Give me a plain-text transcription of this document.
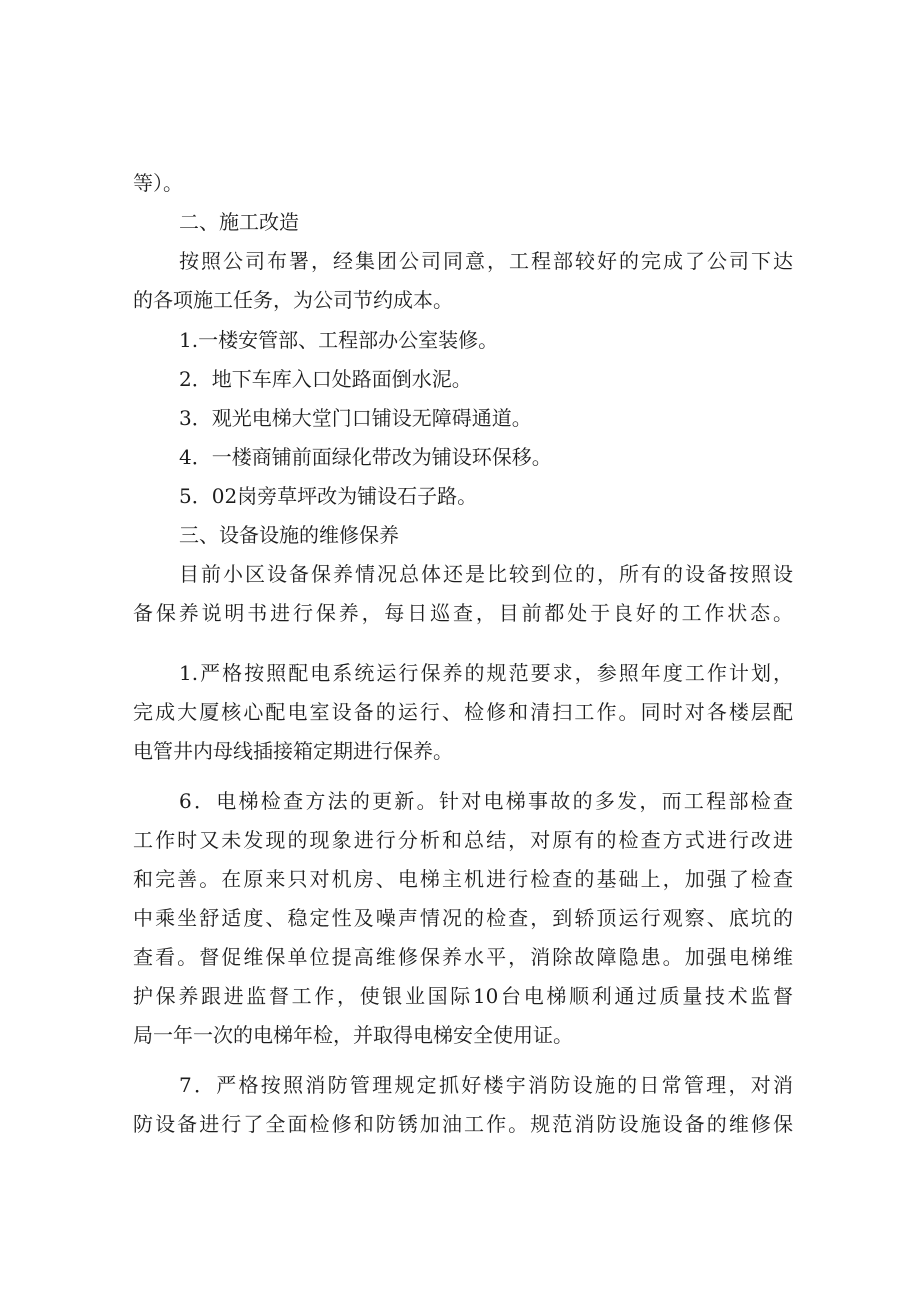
等）。

二、施工改造

按照公司布署，经集团公司同意，工程部较好的完成了公司下达

的各项施工任务，为公司节约成本。

1.一楼安管部、工程部办公室装修。

2．地下车库入口处路面倒水泥。

3．观光电梯大堂门口铺设无障碍通道。

4．一楼商铺前面绿化带改为铺设环保移。

5．02岗旁草坪改为铺设石子路。

三、设备设施的维修保养

目前小区设备保养情况总体还是比较到位的，所有的设备按照设

备保养说明书进行保养，每日巡查，目前都处于良好的工作状态。

1.严格按照配电系统运行保养的规范要求，参照年度工作计划，

完成大厦核心配电室设备的运行、检修和清扫工作。同时对各楼层配

电管井内母线插接箱定期进行保养。

6．电梯检查方法的更新。针对电梯事故的多发，而工程部检查

工作时又未发现的现象进行分析和总结，对原有的检查方式进行改进

和完善。在原来只对机房、电梯主机进行检查的基础上，加强了检查

中乘坐舒适度、稳定性及噪声情况的检查，到轿顶运行观察、底坑的

查看。督促维保单位提高维修保养水平，消除故障隐患。加强电梯维

护保养跟进监督工作，使银业国际10台电梯顺利通过质量技术监督

局一年一次的电梯年检，并取得电梯安全使用证。

7．严格按照消防管理规定抓好楼宇消防设施的日常管理，对消

防设备进行了全面检修和防锈加油工作。规范消防设施设备的维修保
